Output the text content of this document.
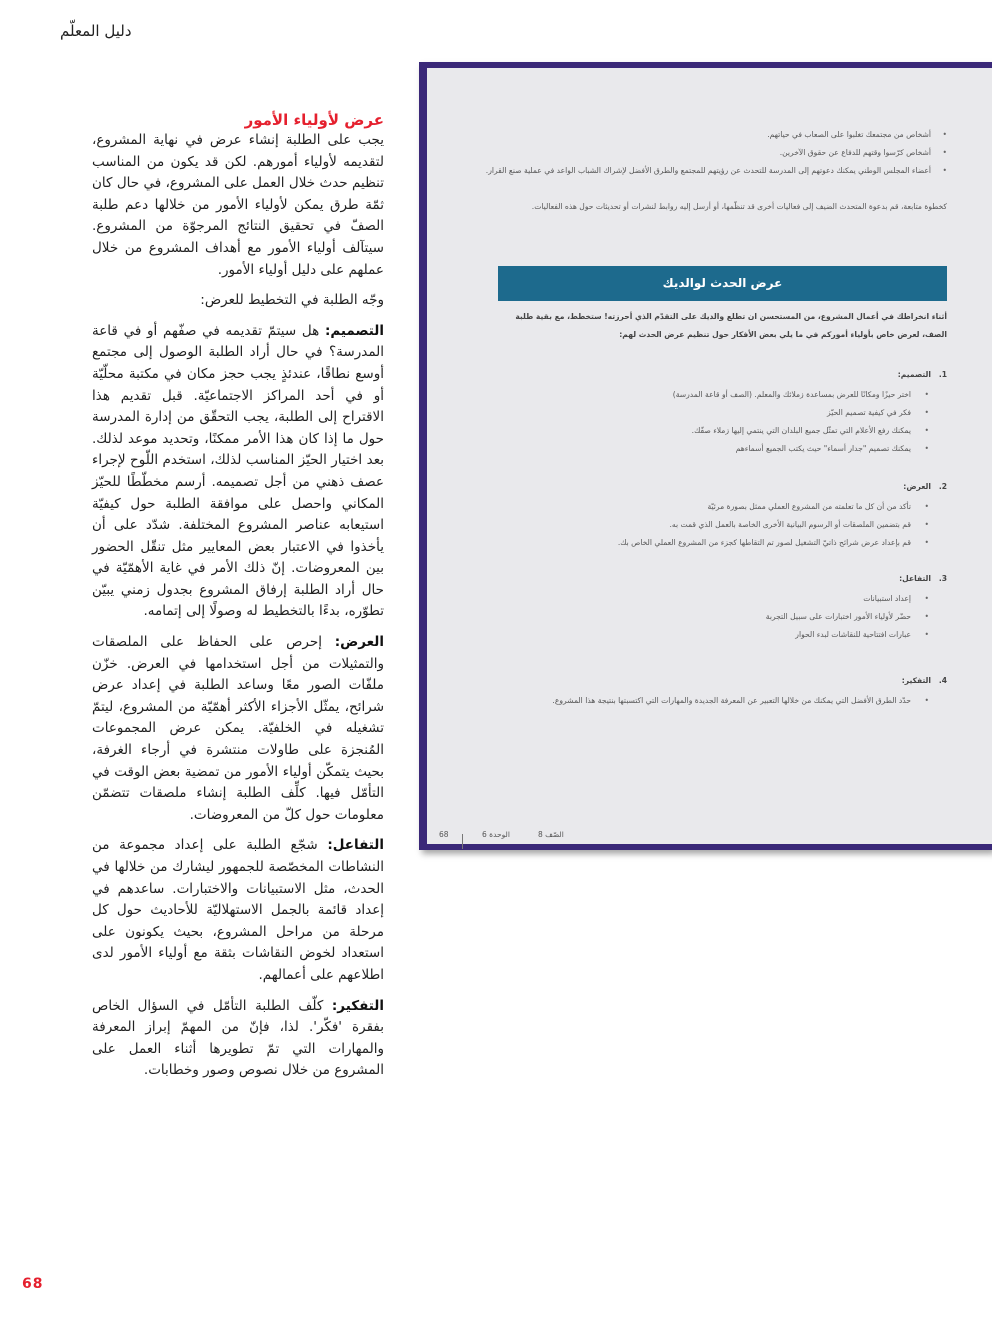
دليل المعلّم
عرض لأولياء الأمور

يجب على الطلبة إنشاء عرض في نهاية المشروع، لتقديمه لأولياء أمورهم. لكن قد يكون من المناسب تنظيم حدث خلال العمل على المشروع، في حال كان ثمّة طرق يمكن لأولياء الأمور من خلالها دعم طلبة الصفّ في تحقيق النتائج المرجوّة من المشروع. سيتآلف أولياء الأمور مع أهداف المشروع من خلال عملهم على دليل أولياء الأمور.

وجّه الطلبة في التخطيط للعرض:

التصميم: هل سيتمّ تقديمه في صفّهم أو في قاعة المدرسة؟ في حال أراد الطلبة الوصول إلى مجتمع أوسع نطاقًا، عندئذٍ يجب حجز مكان في مكتبة محلّيّة أو في أحد المراكز الاجتماعيّة. قبل تقديم هذا الاقتراح إلى الطلبة، يجب التحقّق من إدارة المدرسة حول ما إذا كان هذا الأمر ممكنًا، وتحديد موعد لذلك. بعد اختيار الحيّز المناسب لذلك، استخدم اللّوح لإجراء عصف ذهني من أجل تصميمه. أرسم مخطّطًا للحيّز المكاني واحصل على موافقة الطلبة حول كيفيّة استيعابه عناصر المشروع المختلفة. شدّد على أن يأخذوا في الاعتبار بعض المعايير مثل تنقّل الحضور بين المعروضات. إنّ ذلك الأمر في غاية الأهمّيّة في حال أراد الطلبة إرفاق المشروع بجدول زمني يبيّن تطوّره، بدءًا بالتخطيط له وصولًا إلى إتمامه.

العرض: إحرص على الحفاظ على الملصقات والتمثيلات من أجل استخدامها في العرض. خزّن ملفّات الصور معًا وساعد الطلبة في إعداد عرض شرائح، يمثّل الأجزاء الأكثر أهمّيّة من المشروع، ليتمّ تشغيله في الخلفيّة. يمكن عرض المجموعات المُنجزة على طاولات منتشرة في أرجاء الغرفة، بحيث يتمكّن أولياء الأمور من تمضية بعض الوقت في التأمّل فيها. كلِّف الطلبة إنشاء ملصقات تتضمّن معلومات حول كلّ من المعروضات.

التفاعل: شجّع الطلبة على إعداد مجموعة من النشاطات المخصّصة للجمهور ليشارك من خلالها في الحدث، مثل الاستبيانات والاختبارات. ساعدهم في إعداد قائمة بالجمل الاستهلاليّة للأحاديث حول كل مرحلة من مراحل المشروع، بحيث يكونون على استعداد لخوض النقاشات بثقة مع أولياء الأمور لدى اطلاعهم على أعمالهم.

التفكير: كلّف الطلبة التأمّل في السؤال الخاص بفقرة 'فكّر'. لذا، فإنّ من المهمّ إبراز المعرفة والمهارات التي تمّ تطويرها أثناء العمل على المشروع من خلال نصوص وصور وخطابات.

68
• أشخاص من مجتمعك تغلبوا على الصعاب في حياتهم.
• أشخاص كرّسوا وقتهم للدفاع عن حقوق الآخرين.
• أعضاء المجلس الوطني يمكنك دعوتهم إلى المدرسة للتحدث عن رؤيتهم للمجتمع والطرق الأفضل لإشراك الشباب الواعد في عملية صنع القرار.
كخطوة متابعة، قم بدعوة المتحدث الضيف إلى فعاليات أخرى قد تنظّمها، أو أرسل إليه روابط لنشرات أو تحديثات حول هذه الفعاليات.
عرض الحدث لوالديك
أثناء انخراطك في أعمال المشروع، من المستحسن ان تطلع والديك على التقدّم الذي أحرزته! ستخطط، مع بقية طلبة الصف، لعرض خاص بأولياء أموركم في ما يلي بعض الأفكار حول تنظيم عرض الحدث لهم:
1.
التصميم:
• اختر حيزًا ومكانًا للعرض بمساعدة زملائك والمعلم. (الصف أو قاعة المدرسة)
• فكر في كيفية تصميم الحيّز
• يمكنك رفع الأعلام التي تمثّل جميع البلدان التي ينتمي إليها زملاء صفّك.
• يمكنك تصميم "جدار أسماء" حيث يكتب الجميع أسماءهم
2.
العرض:
• تأكد من أن كل ما تعلمته من المشروع العملي ممثل بصورة مرئيّة
• قم بتضمين الملصقات أو الرسوم البيانية الأخرى الخاصة بالعمل الذي قمت به.
• قم بإعداد عرض شرائح ذاتيّ التشغيل لصور تم التقاطها كجزء من المشروع العملي الخاص بك.
3.
التفاعل:
• إعداد استبيانات
• حضّر لأولياء الأمور اختبارات على سبيل التجربة
• عبارات افتتاحية للنقاشات لبدء الحوار
4.
التفكير:
• حدّد الطرق الأفضل التي يمكنك من خلالها التعبير عن المعرفة الجديدة والمهارات التي اكتسبتها بنتيجة هذا المشروع.
68	الوحدة 6	الصّف 8
